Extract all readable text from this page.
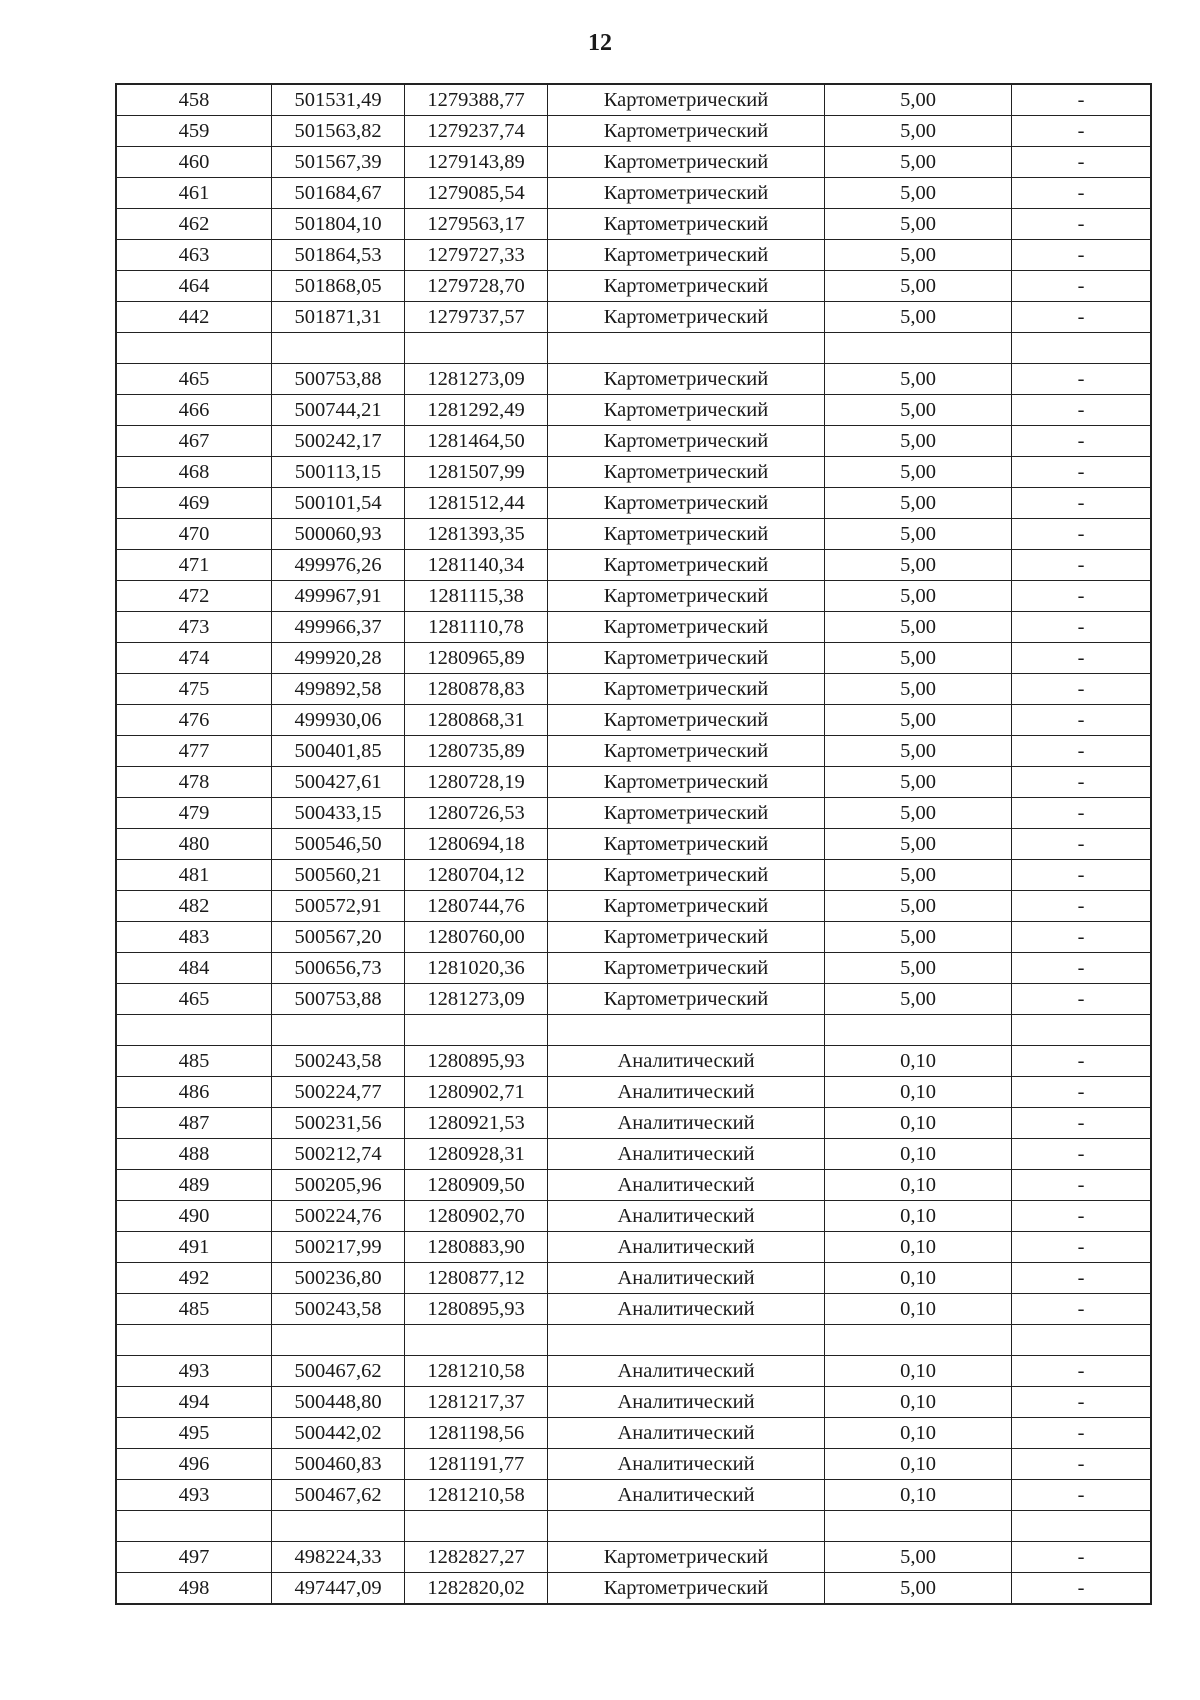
12
458	501531,49	1279388,77	Картометрический	5,00	-
459	501563,82	1279237,74	Картометрический	5,00	-
460	501567,39	1279143,89	Картометрический	5,00	-
461	501684,67	1279085,54	Картометрический	5,00	-
462	501804,10	1279563,17	Картометрический	5,00	-
463	501864,53	1279727,33	Картометрический	5,00	-
464	501868,05	1279728,70	Картометрический	5,00	-
442	501871,31	1279737,57	Картометрический	5,00	-

465	500753,88	1281273,09	Картометрический	5,00	-
466	500744,21	1281292,49	Картометрический	5,00	-
467	500242,17	1281464,50	Картометрический	5,00	-
468	500113,15	1281507,99	Картометрический	5,00	-
469	500101,54	1281512,44	Картометрический	5,00	-
470	500060,93	1281393,35	Картометрический	5,00	-
471	499976,26	1281140,34	Картометрический	5,00	-
472	499967,91	1281115,38	Картометрический	5,00	-
473	499966,37	1281110,78	Картометрический	5,00	-
474	499920,28	1280965,89	Картометрический	5,00	-
475	499892,58	1280878,83	Картометрический	5,00	-
476	499930,06	1280868,31	Картометрический	5,00	-
477	500401,85	1280735,89	Картометрический	5,00	-
478	500427,61	1280728,19	Картометрический	5,00	-
479	500433,15	1280726,53	Картометрический	5,00	-
480	500546,50	1280694,18	Картометрический	5,00	-
481	500560,21	1280704,12	Картометрический	5,00	-
482	500572,91	1280744,76	Картометрический	5,00	-
483	500567,20	1280760,00	Картометрический	5,00	-
484	500656,73	1281020,36	Картометрический	5,00	-
465	500753,88	1281273,09	Картометрический	5,00	-

485	500243,58	1280895,93	Аналитический	0,10	-
486	500224,77	1280902,71	Аналитический	0,10	-
487	500231,56	1280921,53	Аналитический	0,10	-
488	500212,74	1280928,31	Аналитический	0,10	-
489	500205,96	1280909,50	Аналитический	0,10	-
490	500224,76	1280902,70	Аналитический	0,10	-
491	500217,99	1280883,90	Аналитический	0,10	-
492	500236,80	1280877,12	Аналитический	0,10	-
485	500243,58	1280895,93	Аналитический	0,10	-

493	500467,62	1281210,58	Аналитический	0,10	-
494	500448,80	1281217,37	Аналитический	0,10	-
495	500442,02	1281198,56	Аналитический	0,10	-
496	500460,83	1281191,77	Аналитический	0,10	-
493	500467,62	1281210,58	Аналитический	0,10	-

497	498224,33	1282827,27	Картометрический	5,00	-
498	497447,09	1282820,02	Картометрический	5,00	-
